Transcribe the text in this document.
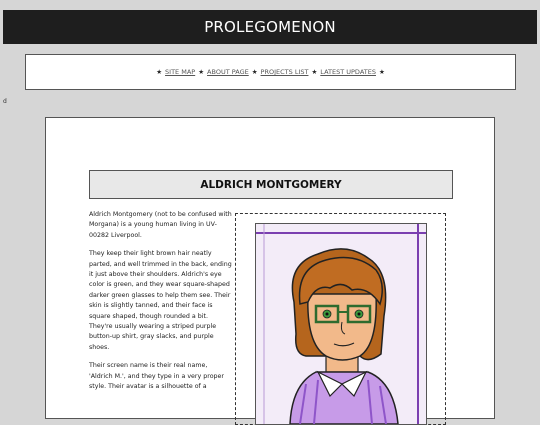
PROLEGOMENON
★ SITE MAP ★ ABOUT PAGE ★ PROJECTS LIST ★ LATEST UPDATES ★
d
ALDRICH MONTGOMERY

Aldrich Montgomery (not to be confused with Morgana) is a young human living in UV-00282 Liverpool.

They keep their light brown hair neatly parted, and well trimmed in the back, ending it just above their shoulders. Aldrich's eye color is green, and they wear square-shaped darker green glasses to help them see. Their skin is slightly tanned, and their face is square shaped, though rounded a bit. They're usually wearing a striped purple button-up shirt, gray slacks, and purple shoes.

Their screen name is their real name, 'Aldrich M.', and they type in a very proper style. Their avatar is a silhouette of a
